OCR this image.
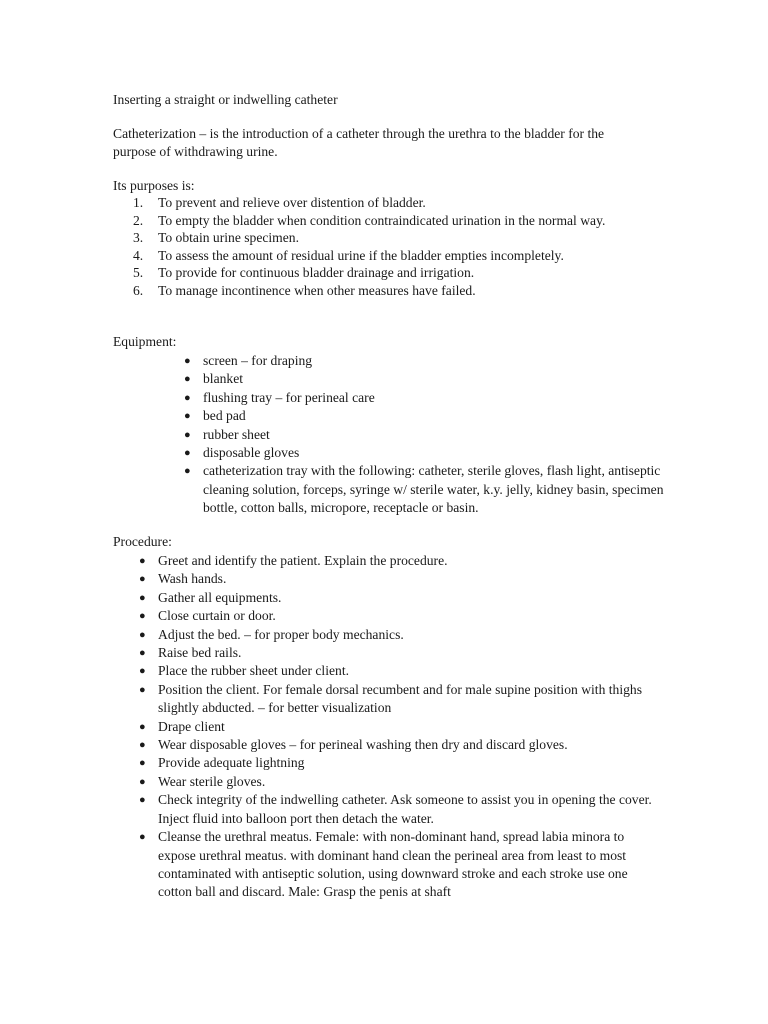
Inserting a straight or indwelling catheter

Catheterization – is the introduction of a catheter through the urethra to the bladder for the purpose of withdrawing urine.

Its purposes is:

1.	To prevent and relieve over distention of bladder.
2.	To empty the bladder when condition contraindicated urination in the normal way.
3.	To obtain urine specimen.
4.	To assess the amount of residual urine if the bladder empties incompletely.
5.	To provide for continuous bladder drainage and irrigation.
6.	To manage incontinence when other measures have failed.

Equipment:

● screen – for draping
● blanket
● flushing tray – for perineal care
● bed pad
● rubber sheet
● disposable gloves
● catheterization tray with the following: catheter, sterile gloves, flash light, antiseptic cleaning solution, forceps, syringe w/ sterile water, k.y. jelly, kidney basin, specimen bottle, cotton balls, micropore, receptacle or basin.

Procedure:

● Greet and identify the patient. Explain the procedure.
● Wash hands.
● Gather all equipments.
● Close curtain or door.
● Adjust the bed. – for proper body mechanics.
● Raise bed rails.
● Place the rubber sheet under client.
● Position the client. For female dorsal recumbent and for male supine position with thighs slightly abducted. – for better visualization
● Drape client
● Wear disposable gloves – for perineal washing then dry and discard gloves.
● Provide adequate lightning
● Wear sterile gloves.
● Check integrity of the indwelling catheter. Ask someone to assist you in opening the cover. Inject fluid into balloon port then detach the water.
● Cleanse the urethral meatus. Female: with non-dominant hand, spread labia minora to expose urethral meatus. with dominant hand clean the perineal area from least to most contaminated with antiseptic solution, using downward stroke and each stroke use one cotton ball and discard. Male: Grasp the penis at shaft
